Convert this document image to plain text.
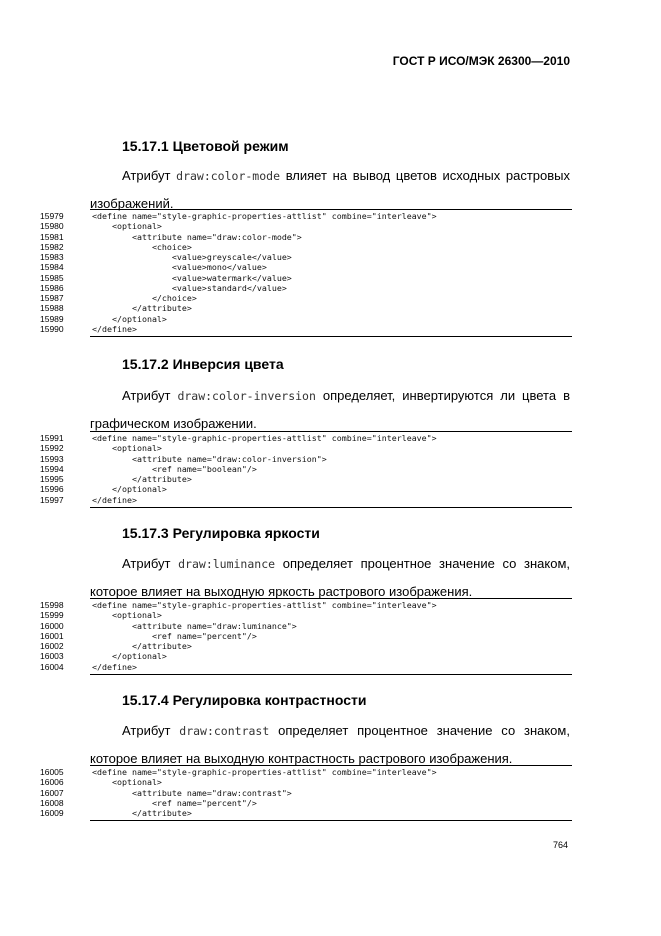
ГОСТ Р ИСО/МЭК 26300—2010
15.17.1 Цветовой режим
Атрибут draw:color-mode влияет на вывод цветов исходных растровых
изображений.
15979	<define name="style-graphic-properties-attlist" combine="interleave">
15980	<optional>
15981	<attribute name="draw:color-mode">
15982	<choice>
15983	<value>greyscale</value>
15984	<value>mono</value>
15985	<value>watermark</value>
15986	<value>standard</value>
15987	</choice>
15988	</attribute>
15989	</optional>
15990	</define>
15.17.2 Инверсия цвета
Атрибут draw:color-inversion определяет, инвертируются ли цвета в
графическом изображении.
15991	<define name="style-graphic-properties-attlist" combine="interleave">
15992	<optional>
15993	<attribute name="draw:color-inversion">
15994	<ref name="boolean"/>
15995	</attribute>
15996	</optional>
15997	</define>
15.17.3 Регулировка яркости
Атрибут draw:luminance определяет процентное значение со знаком,
которое влияет на выходную яркость растрового изображения.
15998	<define name="style-graphic-properties-attlist" combine="interleave">
15999	<optional>
16000	<attribute name="draw:luminance">
16001	<ref name="percent"/>
16002	</attribute>
16003	</optional>
16004	</define>
15.17.4 Регулировка контрастности
Атрибут draw:contrast определяет процентное значение со знаком,
которое влияет на выходную контрастность растрового изображения.
16005	<define name="style-graphic-properties-attlist" combine="interleave">
16006	<optional>
16007	<attribute name="draw:contrast">
16008	<ref name="percent"/>
16009	</attribute>
764
